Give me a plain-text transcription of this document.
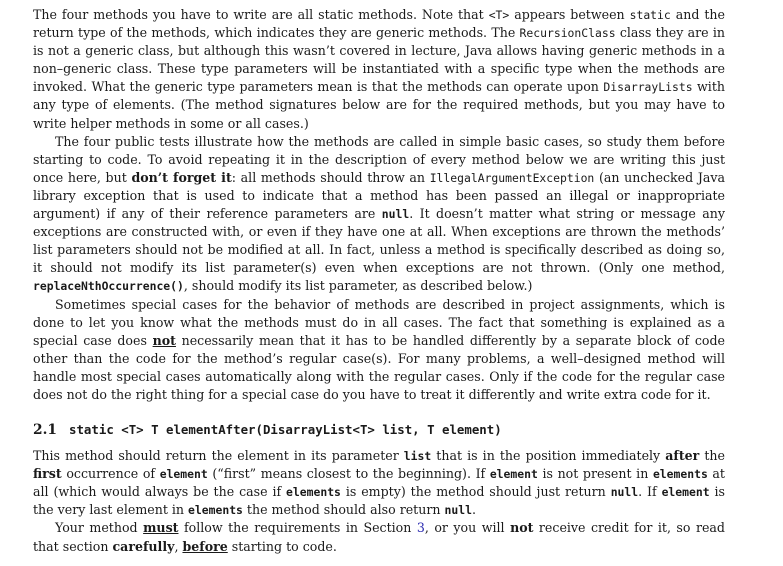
The four methods you have to write are all static methods. Note that <T> appears between static and the return type of the methods, which indicates they are generic methods. The RecursionClass class they are in is not a generic class, but although this wasn’t covered in lecture, Java allows having generic methods in a non–generic class. These type parameters will be instantiated with a specific type when the methods are invoked. What the generic type parameters mean is that the methods can operate upon DisarrayLists with any type of elements. (The method signatures below are for the required methods, but you may have to write helper methods in some or all cases.)

The four public tests illustrate how the methods are called in simple basic cases, so study them before starting to code. To avoid repeating it in the description of every method below we are writing this just once here, but don’t forget it: all methods should throw an IllegalArgumentException (an unchecked Java library exception that is used to indicate that a method has been passed an illegal or inappropriate argument) if any of their reference parameters are null. It doesn’t matter what string or message any exceptions are constructed with, or even if they have one at all. When exceptions are thrown the methods’ list parameters should not be modified at all. In fact, unless a method is specifically described as doing so, it should not modify its list parameter(s) even when exceptions are not thrown. (Only one method, replaceNthOccurrence(), should modify its list parameter, as described below.)

Sometimes special cases for the behavior of methods are described in project assignments, which is done to let you know what the methods must do in all cases. The fact that something is explained as a special case does not necessarily mean that it has to be handled differently by a separate block of code other than the code for the method’s regular case(s). For many problems, a well–designed method will handle most special cases automatically along with the regular cases. Only if the code for the regular case does not do the right thing for a special case do you have to treat it differently and write extra code for it.

2.1 static <T> T elementAfter(DisarrayList<T> list, T element)

This method should return the element in its parameter list that is in the position immediately after the first occurrence of element (“first” means closest to the beginning). If element is not present in elements at all (which would always be the case if elements is empty) the method should just return null. If element is the very last element in elements the method should also return null.

Your method must follow the requirements in Section 3, or you will not receive credit for it, so read that section carefully, before starting to code.
